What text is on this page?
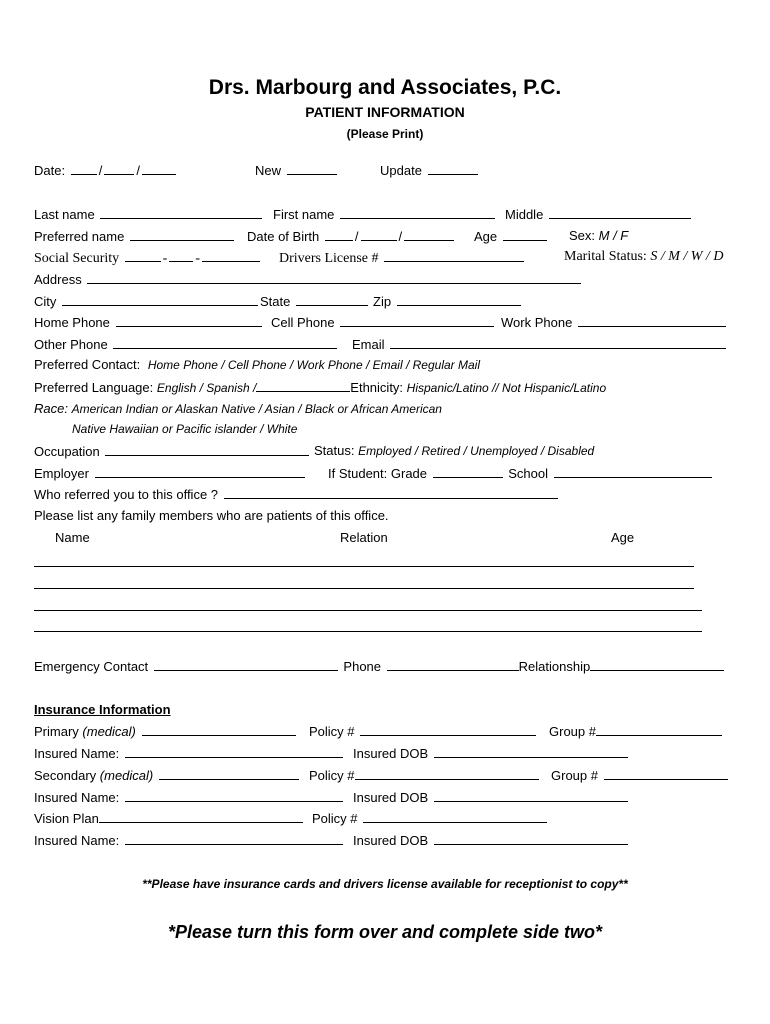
Drs. Marbourg and Associates, P.C.
PATIENT INFORMATION
(Please Print)
Date:	/	/	New	Update
Last name	First name	Middle
Preferred name	Date of Birth	/	/	Age	Sex: M / F
Social Security	- -	Drivers License #	Marital Status: S / M / W / D
Address
City	State	Zip
Home Phone	Cell Phone	Work Phone
Other Phone	Email
Preferred Contact: Home Phone / Cell Phone / Work Phone / Email / Regular Mail
Preferred Language: English / Spanish /	Ethnicity: Hispanic/Latino // Not Hispanic/Latino
Race: American Indian or Alaskan Native / Asian / Black or African American
Native Hawaiian or Pacific islander / White
Occupation	Status: Employed / Retired / Unemployed / Disabled
Employer	If Student: Grade	School
Who referred you to this office ?
Please list any family members who are patients of this office.
Name	Relation	Age
Emergency Contact	Phone	Relationship
Insurance Information
Primary (medical)	Policy #	Group #
Insured Name:	Insured DOB
Secondary (medical)	Policy #	Group #
Insured Name:	Insured DOB
Vision Plan	Policy #
Insured Name:	Insured DOB
**Please have insurance cards and drivers license available for receptionist to copy**
*Please turn this form over and complete side two*
